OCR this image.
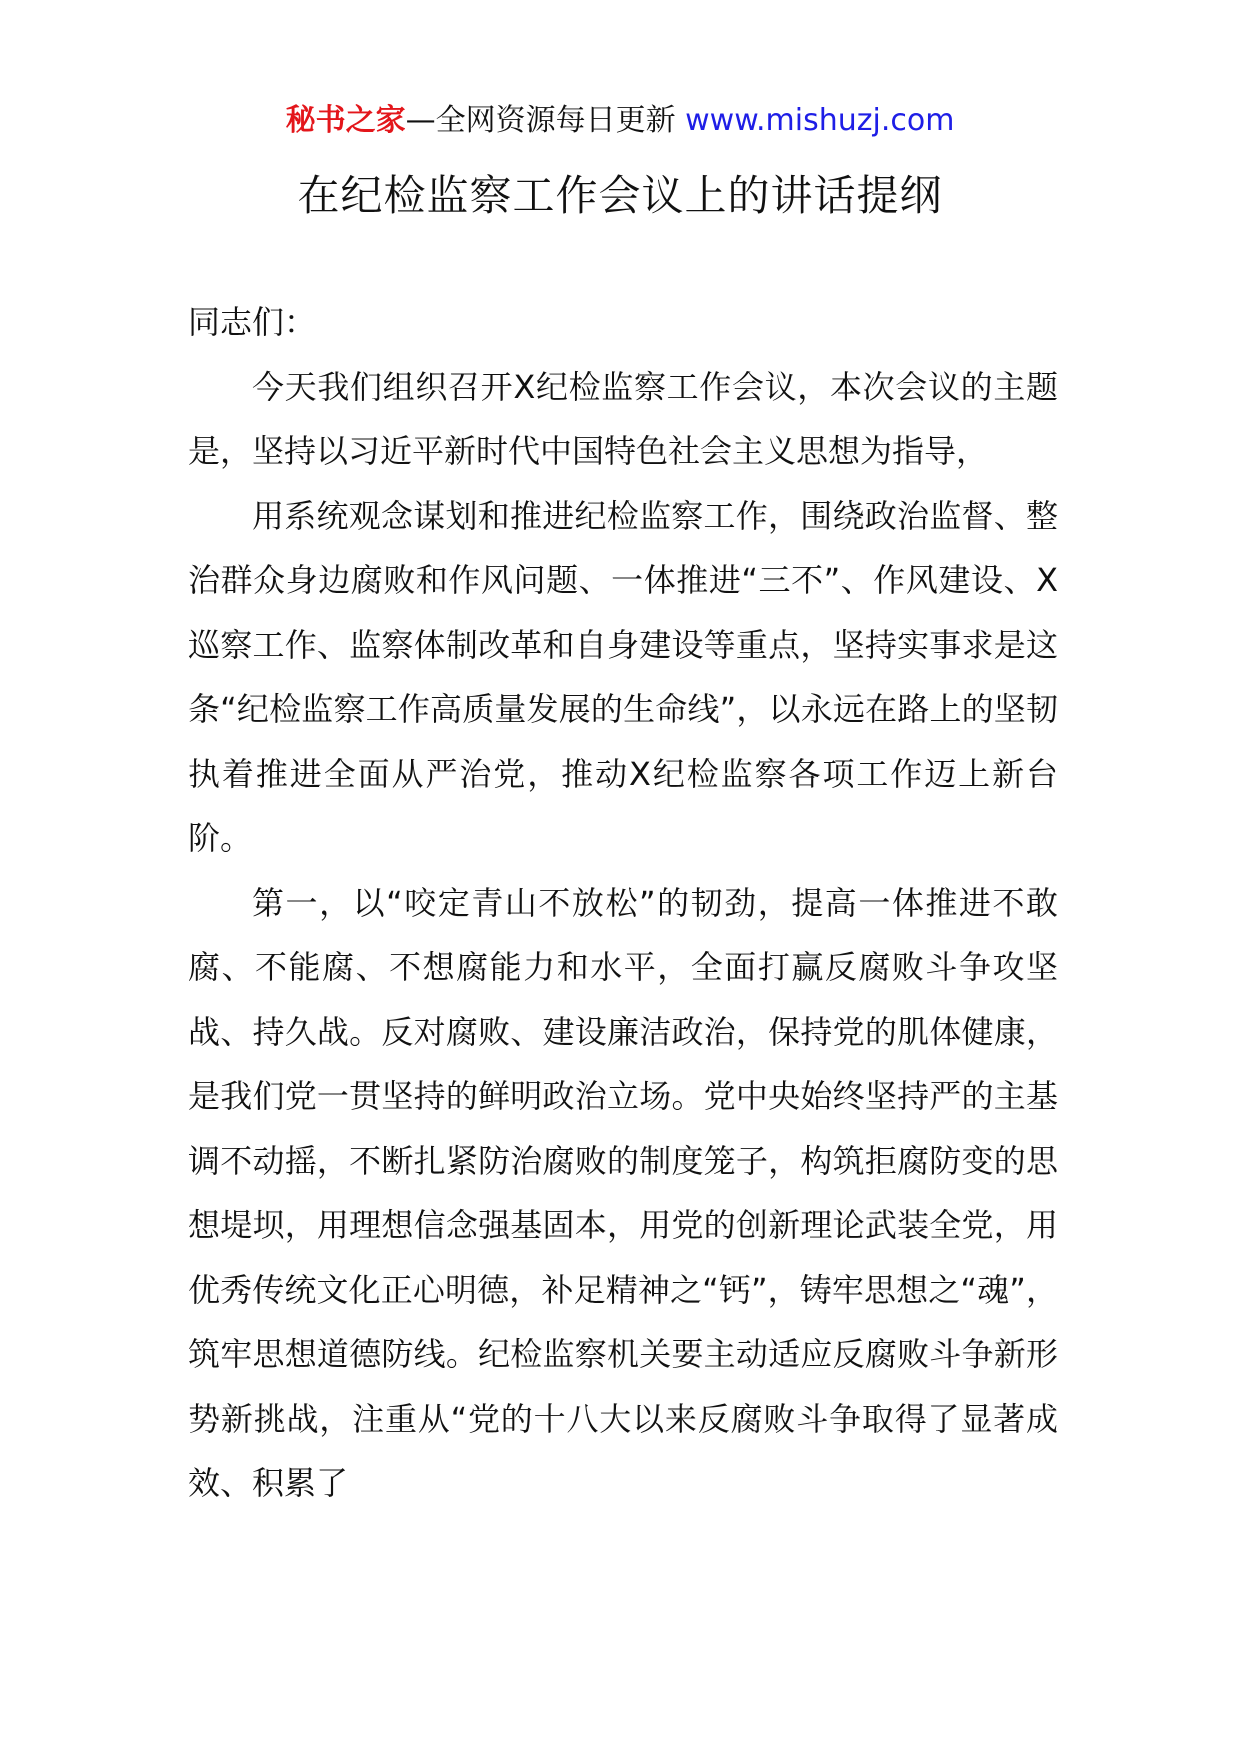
秘书之家—全网资源每日更新 www.mishuzj.com
在纪检监察工作会议上的讲话提纲

同志们：

今天我们组织召开X纪检监察工作会议，本次会议的主题是，坚持以习近平新时代中国特色社会主义思想为指导，

用系统观念谋划和推进纪检监察工作，围绕政治监督、整治群众身边腐败和作风问题、一体推进“三不”、作风建设、X巡察工作、监察体制改革和自身建设等重点，坚持实事求是这条“纪检监察工作高质量发展的生命线”，以永远在路上的坚韧执着推进全面从严治党，推动X纪检监察各项工作迈上新台阶。

第一，以“咬定青山不放松”的韧劲，提高一体推进不敢腐、不能腐、不想腐能力和水平，全面打赢反腐败斗争攻坚战、持久战。反对腐败、建设廉洁政治，保持党的肌体健康，是我们党一贯坚持的鲜明政治立场。党中央始终坚持严的主基调不动摇，不断扎紧防治腐败的制度笼子，构筑拒腐防变的思想堤坝，用理想信念强基固本，用党的创新理论武装全党，用优秀传统文化正心明德，补足精神之“钙”，铸牢思想之“魂”，筑牢思想道德防线。纪检监察机关要主动适应反腐败斗争新形势新挑战，注重从“党的十八大以来反腐败斗争取得了显著成效、积累了
